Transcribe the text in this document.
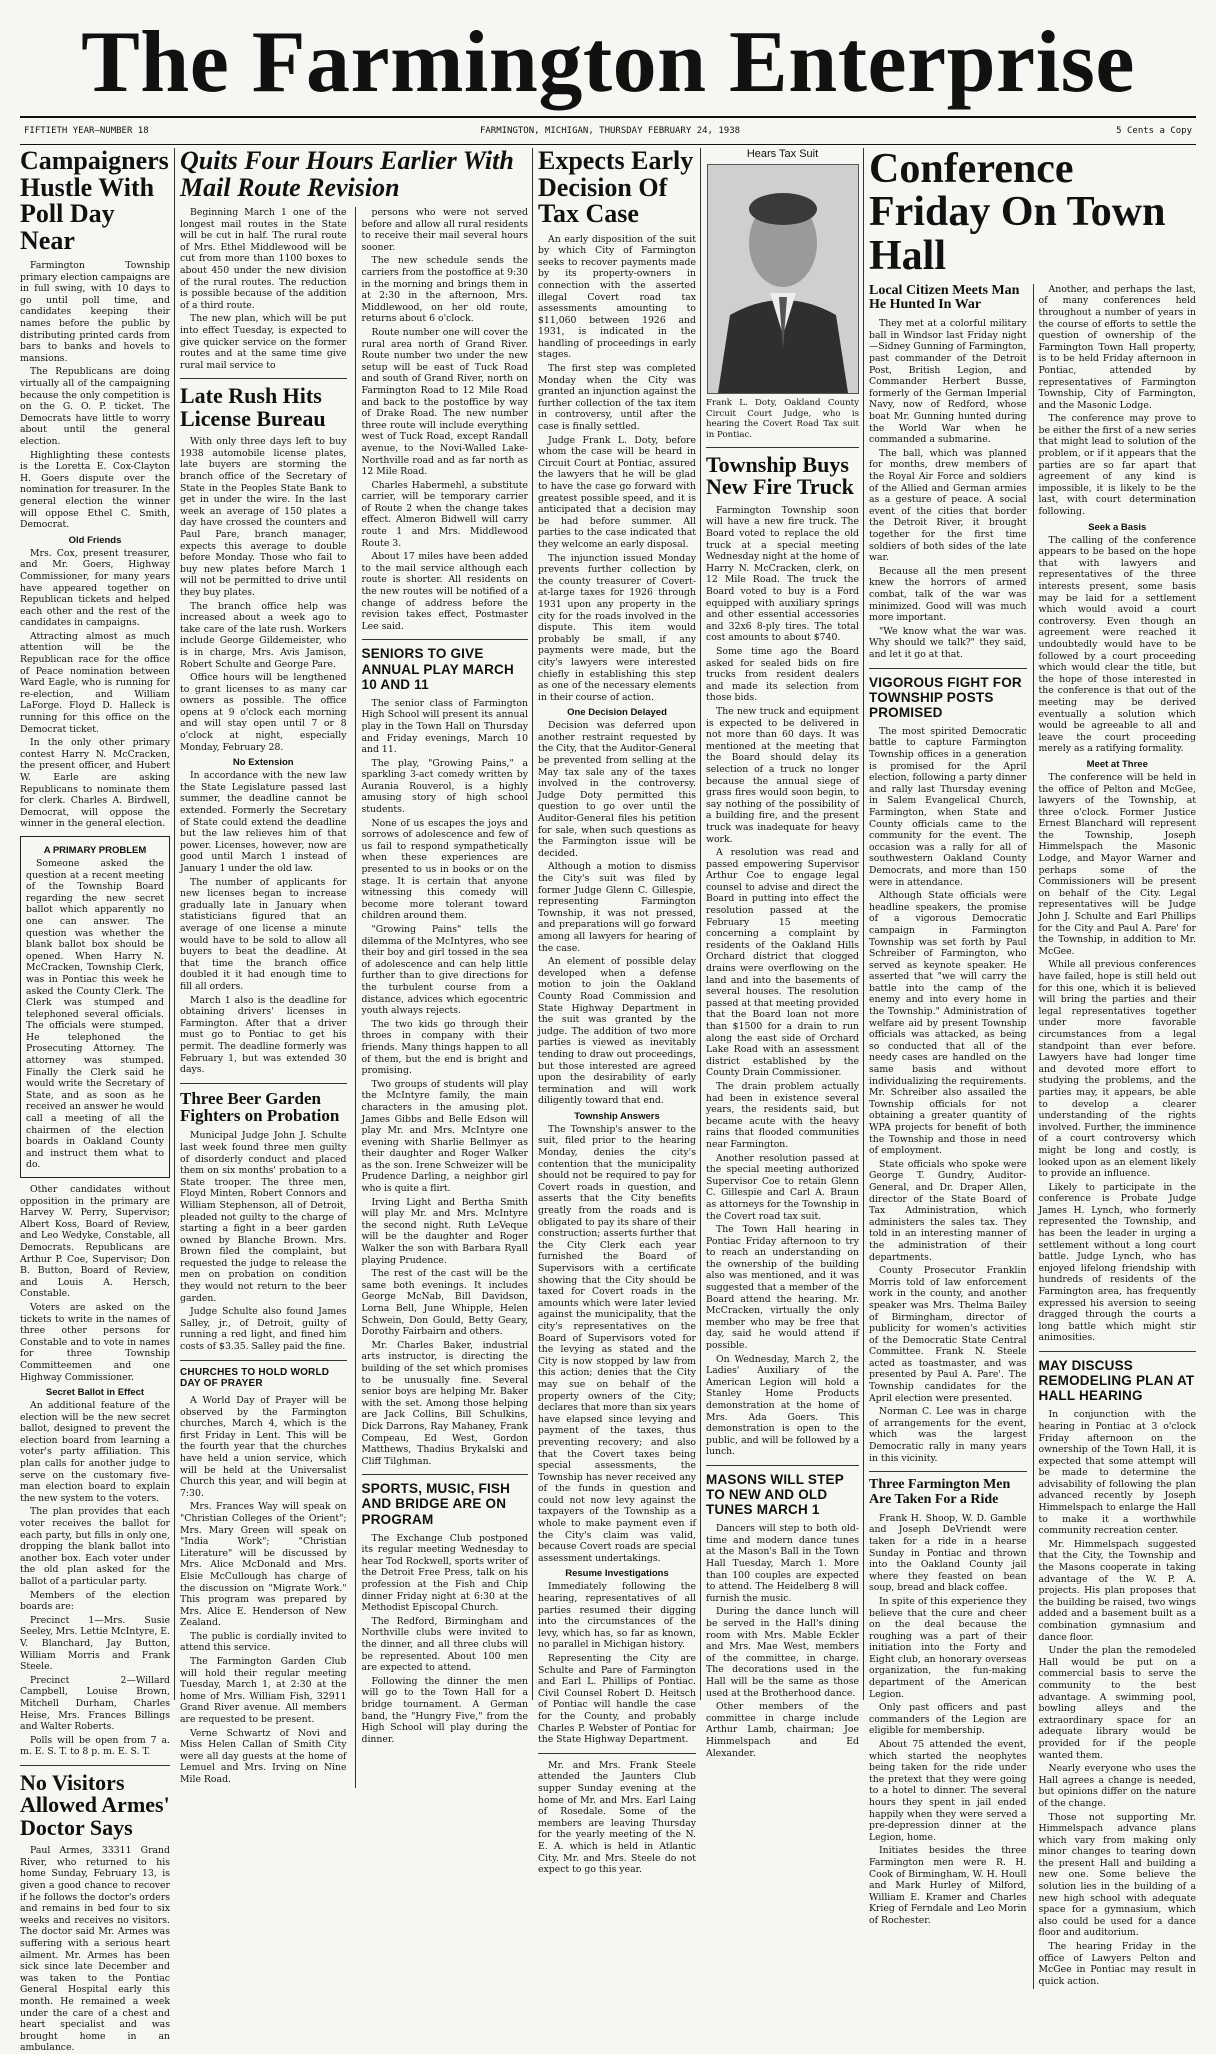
The Farmington Enterprise
FIFTIETH YEAR—NUMBER 18	FARMINGTON, MICHIGAN, THURSDAY FEBRUARY 24, 1938	5 Cents a Copy
Campaigners Hustle With Poll Day Near

Farmington Township primary election campaigns are in full swing, with 10 days to go until poll time, and candidates keeping their names before the public by distributing printed cards from bars to banks and hovels to mansions.

The Republicans are doing virtually all of the campaigning because the only competition is on the G. O. P. ticket. The Democrats have little to worry about until the general election.

Highlighting these contests is the Loretta E. Cox-Clayton H. Goers dispute over the nomination for treasurer. In the general election the winner will oppose Ethel C. Smith, Democrat.

Old Friends

Mrs. Cox, present treasurer, and Mr. Goers, Highway Commissioner, for many years have appeared together on Republican tickets and helped each other and the rest of the candidates in campaigns.

Attracting almost as much attention will be the Republican race for the office of Peace nomination between Ward Eagle, who is running for re-election, and William LaForge. Floyd D. Halleck is running for this office on the Democrat ticket.

In the only other primary contest Harry N. McCracken, the present officer, and Hubert W. Earle are asking Republicans to nominate them for clerk. Charles A. Birdwell, Democrat, will oppose the winner in the general election.

A PRIMARY PROBLEM

Someone asked the question at a recent meeting of the Township Board regarding the new secret ballot which apparently no one can answer. The question was whether the blank ballot box should be opened. When Harry N. McCracken, Township Clerk, was in Pontiac this week he asked the County Clerk. The Clerk was stumped and telephoned several officials. The officials were stumped. He telephoned the Prosecuting Attorney. The attorney was stumped. Finally the Clerk said he would write the Secretary of State, and as soon as he received an answer he would call a meeting of all the chairmen of the election boards in Oakland County and instruct them what to do.

Other candidates without opposition in the primary are Harvey W. Perry, Supervisor; Albert Koss, Board of Review, and Leo Wedyke, Constable, all Democrats. Republicans are Arthur P. Coe, Supervisor; Don B. Button, Board of Review, and Louis A. Hersch, Constable.

Voters are asked on the tickets to write in the names of three other persons for Constable and to vote in names for three Township Committeemen and one Highway Commissioner.

Secret Ballot in Effect

An additional feature of the election will be the new secret ballot, designed to prevent the election board from learning a voter's party affiliation. This plan calls for another judge to serve on the customary five-man election board to explain the new system to the voters.

The plan provides that each voter receives the ballot for each party, but fills in only one, dropping the blank ballot into another box. Each voter under the old plan asked for the ballot of a particular party.

Members of the election boards are:

Precinct 1—Mrs. Susie Seeley, Mrs. Lettie McIntyre, E. V. Blanchard, Jay Button, William Morris and Frank Steele.

Precinct 2—Willard Campbell, Louise Brown, Mitchell Durham, Charles Heise, Mrs. Frances Billings and Walter Roberts.

Polls will be open from 7 a. m. E. S. T. to 8 p. m. E. S. T.

No Visitors Allowed Armes' Doctor Says

Paul Armes, 33311 Grand River, who returned to his home Sunday, February 13, is given a good chance to recover if he follows the doctor's orders and remains in bed four to six weeks and receives no visitors. The doctor said Mr. Armes was suffering with a serious heart ailment. Mr. Armes has been sick since late December and was taken to the Pontiac General Hospital early this month. He remained a week under the care of a chest and heart specialist and was brought home in an ambulance.

Quits Four Hours Earlier With Mail Route Revision

Beginning March 1 one of the longest mail routes in the State will be cut in half. The rural route of Mrs. Ethel Middlewood will be cut from more than 1100 boxes to about 450 under the new division of the rural routes. The reduction is possible because of the addition of a third route.

The new plan, which will be put into effect Tuesday, is expected to give quicker service on the former routes and at the same time give rural mail service to

Late Rush Hits License Bureau

With only three days left to buy 1938 automobile license plates, late buyers are storming the branch office of the Secretary of State in the Peoples State Bank to get in under the wire. In the last week an average of 150 plates a day have crossed the counters and Paul Pare, branch manager, expects this average to double before Monday. Those who fail to buy new plates before March 1 will not be permitted to drive until they buy plates.

The branch office help was increased about a week ago to take care of the late rush. Workers include George Gildemeister, who is in charge, Mrs. Avis Jamison, Robert Schulte and George Pare.

Office hours will be lengthened to grant licenses to as many car owners as possible. The office opens at 9 o'clock each morning and will stay open until 7 or 8 o'clock at night, especially Monday, February 28.

No Extension

In accordance with the new law the State Legislature passed last summer, the deadline cannot be extended. Formerly the Secretary of State could extend the deadline but the law relieves him of that power. Licenses, however, now are good until March 1 instead of January 1 under the old law.

The number of applicants for new licenses began to increase gradually late in January when statisticians figured that an average of one license a minute would have to be sold to allow all buyers to beat the deadline. At that time the branch office doubled it it had enough time to fill all orders.

March 1 also is the deadline for obtaining drivers' licenses in Farmington. After that a driver must go to Pontiac to get his permit. The deadline formerly was February 1, but was extended 30 days.

Three Beer Garden Fighters on Probation

Municipal Judge John J. Schulte last week found three men guilty of disorderly conduct and placed them on six months' probation to a State trooper. The three men, Floyd Minten, Robert Connors and William Stephenson, all of Detroit, pleaded not guilty to the charge of starting a fight in a beer garden owned by Blanche Brown. Mrs. Brown filed the complaint, but requested the judge to release the men on probation on condition they would not return to the beer garden.

Judge Schulte also found James Salley, jr., of Detroit, guilty of running a red light, and fined him costs of $3.35. Salley paid the fine.

CHURCHES TO HOLD WORLD DAY OF PRAYER

A World Day of Prayer will be observed by the Farmington churches, March 4, which is the first Friday in Lent. This will be the fourth year that the churches have held a union service, which will be held at the Universalist Church this year, and will begin at 7:30.

Mrs. Frances Way will speak on "Christian Colleges of the Orient"; Mrs. Mary Green will speak on "India Work"; "Christian Literature" will be discussed by Mrs. Alice McDonald and Mrs. Elsie McCullough has charge of the discussion on "Migrate Work." This program was prepared by Mrs. Alice E. Henderson of New Zealand.

The public is cordially invited to attend this service.

The Farmington Garden Club will hold their regular meeting Tuesday, March 1, at 2:30 at the home of Mrs. William Fish, 32911 Grand River avenue. All members are requested to be present.

Verne Schwartz of Novi and Miss Helen Callan of Smith City were all day guests at the home of Lemuel and Mrs. Irving on Nine Mile Road.

persons who were not served before and allow all rural residents to receive their mail several hours sooner.

The new schedule sends the carriers from the postoffice at 9:30 in the morning and brings them in at 2:30 in the afternoon, Mrs. Middlewood, on her old route, returns about 6 o'clock.

Route number one will cover the rural area north of Grand River. Route number two under the new setup will be east of Tuck Road and south of Grand River, north on Farmington Road to 12 Mile Road and back to the postoffice by way of Drake Road. The new number three route will include everything west of Tuck Road, except Randall avenue, to the Novi-Walled Lake-Northville road and as far north as 12 Mile Road.

Charles Habermehl, a substitute carrier, will be temporary carrier of Route 2 when the change takes effect. Almeron Bidwell will carry route 1 and Mrs. Middlewood Route 3.

About 17 miles have been added to the mail service although each route is shorter. All residents on the new routes will be notified of a change of address before the revision takes effect, Postmaster Lee said.

SENIORS TO GIVE ANNUAL PLAY MARCH 10 AND 11

The senior class of Farmington High School will present its annual play in the Town Hall on Thursday and Friday evenings, March 10 and 11.

The play, "Growing Pains," a sparkling 3-act comedy written by Aurania Rouverol, is a highly amusing story of high school students.

None of us escapes the joys and sorrows of adolescence and few of us fail to respond sympathetically when these experiences are presented to us in books or on the stage. It is certain that anyone witnessing this comedy will become more tolerant toward children around them.

"Growing Pains" tells the dilemma of the McIntyres, who see their boy and girl tossed in the sea of adolescence and can help little further than to give directions for the turbulent course from a distance, advices which egocentric youth always rejects.

The two kids go through their throes in company with their friends. Many things happen to all of them, but the end is bright and promising.

Two groups of students will play the McIntyre family, the main characters in the amusing plot. James Gibbs and Belle Edson will play Mr. and Mrs. McIntyre one evening with Sharlie Bellmyer as their daughter and Roger Walker as the son. Irene Schweizer will be Prudence Darling, a neighbor girl who is quite a flirt.

Irving Light and Bertha Smith will play Mr. and Mrs. McIntyre the second night. Ruth LeVeque will be the daughter and Roger Walker the son with Barbara Ryall playing Prudence.

The rest of the cast will be the same both evenings. It includes George McNab, Bill Davidson, Lorna Bell, June Whipple, Helen Schwein, Don Gould, Betty Geary, Dorothy Fairbairn and others.

Mr. Charles Baker, industrial arts instructor, is directing the building of the set which promises to be unusually fine. Several senior boys are helping Mr. Baker with the set. Among those helping are Jack Collins, Bill Schulkins, Dick Darrons, Ray Mahaney, Frank Compeau, Ed West, Gordon Matthews, Thadius Brykalski and Cliff Tilghman.

SPORTS, MUSIC, FISH AND BRIDGE ARE ON PROGRAM

The Exchange Club postponed its regular meeting Wednesday to hear Tod Rockwell, sports writer of the Detroit Free Press, talk on his profession at the Fish and Chip dinner Friday night at 6:30 at the Methodist Episcopal Church.

The Redford, Birmingham and Northville clubs were invited to the dinner, and all three clubs will be represented. About 100 men are expected to attend.

Following the dinner the men will go to the Town Hall for a bridge tournament. A German band, the "Hungry Five," from the High School will play during the dinner.

Expects Early Decision Of Tax Case

An early disposition of the suit by which City of Farmington seeks to recover payments made by its property-owners in connection with the asserted illegal Covert road tax assessments amounting to $11,060 between 1926 and 1931, is indicated in the handling of proceedings in early stages.

The first step was completed Monday when the City was granted an injunction against the further collection of the tax item in controversy, until after the case is finally settled.

Judge Frank L. Doty, before whom the case will be heard in Circuit Court at Pontiac, assured the lawyers that he will be glad to have the case go forward with greatest possible speed, and it is anticipated that a decision may be had before summer. All parties to the case indicated that they welcome an early disposal.

The injunction issued Monday prevents further collection by the county treasurer of Covert-at-large taxes for 1926 through 1931 upon any property in the city for the roads involved in the dispute. This item would probably be small, if any payments were made, but the city's lawyers were interested chiefly in establishing this step as one of the necessary elements in their course of action.

One Decision Delayed

Decision was deferred upon another restraint requested by the City, that the Auditor-General be prevented from selling at the May tax sale any of the taxes involved in the controversy. Judge Doty permitted this question to go over until the Auditor-General files his petition for sale, when such questions as the Farmington issue will be decided.

Although a motion to dismiss the City's suit was filed by former Judge Glenn C. Gillespie, representing Farmington Township, it was not pressed, and preparations will go forward among all lawyers for hearing of the case.

An element of possible delay developed when a defense motion to join the Oakland County Road Commission and State Highway Department in the suit was granted by the judge. The addition of two more parties is viewed as inevitably tending to draw out proceedings, but those interested are agreed upon the desirability of early termination and will work diligently toward that end.

Township Answers

The Township's answer to the suit, filed prior to the hearing Monday, denies the city's contention that the municipality should not be required to pay for Covert roads in question, and asserts that the City benefits greatly from the roads and is obligated to pay its share of their construction; asserts further that the City Clerk each year furnished the Board of Supervisors with a certificate showing that the City should be taxed for Covert roads in the amounts which were later levied against the municipality, that the city's representatives on the Board of Supervisors voted for the levying as stated and the City is now stopped by law from this action; denies that the City may sue on behalf of the property owners of the City; declares that more than six years have elapsed since levying and payment of the taxes, thus preventing recovery; and also that the Covert taxes being special assessments, the Township has never received any of the funds in question and could not now levy against the taxpayers of the Township as a whole to make payment even if the City's claim was valid, because Covert roads are special assessment undertakings.

Resume Investigations

Immediately following the hearing, representatives of all parties resumed their digging into the circumstances of the levy, which has, so far as known, no parallel in Michigan history.

Representing the City are Schulte and Pare of Farmington and Earl L. Phillips of Pontiac. Civil Counsel Robert D. Heitsch of Pontiac will handle the case for the County, and probably Charles P. Webster of Pontiac for the State Highway Department.

Mr. and Mrs. Frank Steele attended the Jaunters Club supper Sunday evening at the home of Mr. and Mrs. Earl Laing of Rosedale. Some of the members are leaving Thursday for the yearly meeting of the N. E. A. which is held in Atlantic City. Mr. and Mrs. Steele do not expect to go this year.

Hears Tax Suit
Frank L. Doty, Oakland County Circuit Court Judge, who is hearing the Covert Road Tax suit in Pontiac.
Township Buys New Fire Truck

Farmington Township soon will have a new fire truck. The Board voted to replace the old truck at a special meeting Wednesday night at the home of Harry N. McCracken, clerk, on 12 Mile Road. The truck the Board voted to buy is a Ford equipped with auxiliary springs and other essential accessories and 32x6 8-ply tires. The total cost amounts to about $740.

Some time ago the Board asked for sealed bids on fire trucks from resident dealers and made its selection from those bids.

The new truck and equipment is expected to be delivered in not more than 60 days. It was mentioned at the meeting that the Board should delay its selection of a truck no longer because the annual siege of grass fires would soon begin, to say nothing of the possibility of a building fire, and the present truck was inadequate for heavy work.

A resolution was read and passed empowering Supervisor Arthur Coe to engage legal counsel to advise and direct the Board in putting into effect the resolution passed at the February 15 meeting concerning a complaint by residents of the Oakland Hills Orchard district that clogged drains were overflowing on the land and into the basements of several houses. The resolution passed at that meeting provided that the Board loan not more than $1500 for a drain to run along the east side of Orchard Lake Road with an assessment district established by the County Drain Commissioner.

The drain problem actually had been in existence several years, the residents said, but became acute with the heavy rains that flooded communities near Farmington.

Another resolution passed at the special meeting authorized Supervisor Coe to retain Glenn C. Gillespie and Carl A. Braun as attorneys for the Township in the Covert road tax suit.

The Town Hall hearing in Pontiac Friday afternoon to try to reach an understanding on the ownership of the building also was mentioned, and it was suggested that a member of the Board attend the hearing. Mr. McCracken, virtually the only member who may be free that day, said he would attend if possible.

On Wednesday, March 2, the Ladies' Auxiliary of the American Legion will hold a Stanley Home Products demonstration at the home of Mrs. Ada Goers. This demonstration is open to the public, and will be followed by a lunch.

MASONS WILL STEP TO NEW AND OLD TUNES MARCH 1

Dancers will step to both old-time and modern dance tunes at the Mason's Ball in the Town Hall Tuesday, March 1. More than 100 couples are expected to attend. The Heidelberg 8 will furnish the music.

During the dance lunch will be served in the Hall's dining room with Mrs. Mable Eckler and Mrs. Mae West, members of the committee, in charge. The decorations used in the Hall will be the same as those used at the Brotherhood dance.

Other members of the committee in charge include Arthur Lamb, chairman; Joe Himmelspach and Ed Alexander.

Conference Friday On Town Hall
Local Citizen Meets Man He Hunted In War

They met at a colorful military ball in Windsor last Friday night—Sidney Gunning of Farmington, past commander of the Detroit Post, British Legion, and Commander Herbert Busse, formerly of the German Imperial Navy, now of Redford, whose boat Mr. Gunning hunted during the World War when he commanded a submarine.

The ball, which was planned for months, drew members of the Royal Air Force and soldiers of the Allied and German armies as a gesture of peace. A social event of the cities that border the Detroit River, it brought together for the first time soldiers of both sides of the late war.

Because all the men present knew the horrors of armed combat, talk of the war was minimized. Good will was much more important.

"We know what the war was. Why should we talk?" they said, and let it go at that.

VIGOROUS FIGHT FOR TOWNSHIP POSTS PROMISED

The most spirited Democratic battle to capture Farmington Township offices in a generation is promised for the April election, following a party dinner and rally last Thursday evening in Salem Evangelical Church, Farmington, when State and County officials came to the community for the event. The occasion was a rally for all of southwestern Oakland County Democrats, and more than 150 were in attendance.

Although State officials were headline speakers, the promise of a vigorous Democratic campaign in Farmington Township was set forth by Paul Schreiber of Farmington, who served as keynote speaker. He asserted that "we will carry the battle into the camp of the enemy and into every home in the Township." Administration of welfare aid by present Township officials was attacked, as being so conducted that all of the needy cases are handled on the same basis and without individualizing the requirements. Mr. Schreiber also assailed the Township officials for not obtaining a greater quantity of WPA projects for benefit of both the Township and those in need of employment.

State officials who spoke were George T. Gundry, Auditor-General, and Dr. Draper Allen, director of the State Board of Tax Administration, which administers the sales tax. They told in an interesting manner of the administration of their departments.

County Prosecutor Franklin Morris told of law enforcement work in the county, and another speaker was Mrs. Thelma Bailey of Birmingham, director of publicity for women's activities of the Democratic State Central Committee. Frank N. Steele acted as toastmaster, and was presented by Paul A. Pare'. The Township candidates for the April election were presented.

Norman C. Lee was in charge of arrangements for the event, which was the largest Democratic rally in many years in this vicinity.

Three Farmington Men Are Taken For a Ride

Frank H. Shoop, W. D. Gamble and Joseph DeVriendt were taken for a ride in a hearse Sunday in Pontiac and thrown into the Oakland County jail where they feasted on bean soup, bread and black coffee.

In spite of this experience they believe that the cure and cheer on the deal because the roughing was a part of their initiation into the Forty and Eight club, an honorary overseas organization, the fun-making department of the American Legion.

Only past officers and past commanders of the Legion are eligible for membership.

About 75 attended the event, which started the neophytes being taken for the ride under the pretext that they were going to a hotel to dinner. The several hours they spent in jail ended happily when they were served a pre-depression dinner at the Legion, home.

Initiates besides the three Farmington men were R. H. Cook of Birmingham, W. H. Houll and Mark Hurley of Milford, William E. Kramer and Charles Krieg of Ferndale and Leo Morin of Rochester.

Another, and perhaps the last, of many conferences held throughout a number of years in the course of efforts to settle the question of ownership of the Farmington Town Hall property, is to be held Friday afternoon in Pontiac, attended by representatives of Farmington Township, City of Farmington, and the Masonic Lodge.

The conference may prove to be either the first of a new series that might lead to solution of the problem, or if it appears that the parties are so far apart that agreement of any kind is impossible, it is likely to be the last, with court determination following.

Seek a Basis

The calling of the conference appears to be based on the hope that with lawyers and representatives of the three interests present, some basis may be laid for a settlement which would avoid a court controversy. Even though an agreement were reached it undoubtedly would have to be followed by a court proceeding which would clear the title, but the hope of those interested in the conference is that out of the meeting may be derived eventually a solution which would be agreeable to all and leave the court proceeding merely as a ratifying formality.

Meet at Three

The conference will be held in the office of Pelton and McGee, lawyers of the Township, at three o'clock. Former Justice Ernest Blanchard will represent the Township, Joseph Himmelspach the Masonic Lodge, and Mayor Warner and perhaps some of the Commissioners will be present on behalf of the City. Legal representatives will be Judge John J. Schulte and Earl Phillips for the City and Paul A. Pare' for the Township, in addition to Mr. McGee.

While all previous conferences have failed, hope is still held out for this one, which it is believed will bring the parties and their legal representatives together under more favorable circumstances from a legal standpoint than ever before. Lawyers have had longer time and devoted more effort to studying the problems, and the parties may, it appears, be able to develop a clearer understanding of the rights involved. Further, the imminence of a court controversy which might be long and costly, is looked upon as an element likely to provide an influence.

Likely to participate in the conference is Probate Judge James H. Lynch, who formerly represented the Township, and has been the leader in urging a settlement without a long court battle. Judge Lynch, who has enjoyed lifelong friendship with hundreds of residents of the Farmington area, has frequently expressed his aversion to seeing dragged through the courts a long battle which might stir animosities.

MAY DISCUSS REMODELING PLAN AT HALL HEARING

In conjunction with the hearing in Pontiac at 3 o'clock Friday afternoon on the ownership of the Town Hall, it is expected that some attempt will be made to determine the advisability of following the plan advanced recently by Joseph Himmelspach to enlarge the Hall to make it a worthwhile community recreation center.

Mr. Himmelspach suggested that the City, the Township and the Masons cooperate in taking advantage of the W. P. A. projects. His plan proposes that the building be raised, two wings added and a basement built as a combination gymnasium and dance floor.

Under the plan the remodeled Hall would be put on a commercial basis to serve the community to the best advantage. A swimming pool, bowling alleys and the extraordinary space for an adequate library would be provided for if the people wanted them.

Nearly everyone who uses the Hall agrees a change is needed, but opinions differ on the nature of the change.

Those not supporting Mr. Himmelspach advance plans which vary from making only minor changes to tearing down the present Hall and building a new one. Some believe the solution lies in the building of a new high school with adequate space for a gymnasium, which also could be used for a dance floor and auditorium.

The hearing Friday in the office of Lawyers Pelton and McGee in Pontiac may result in quick action.
